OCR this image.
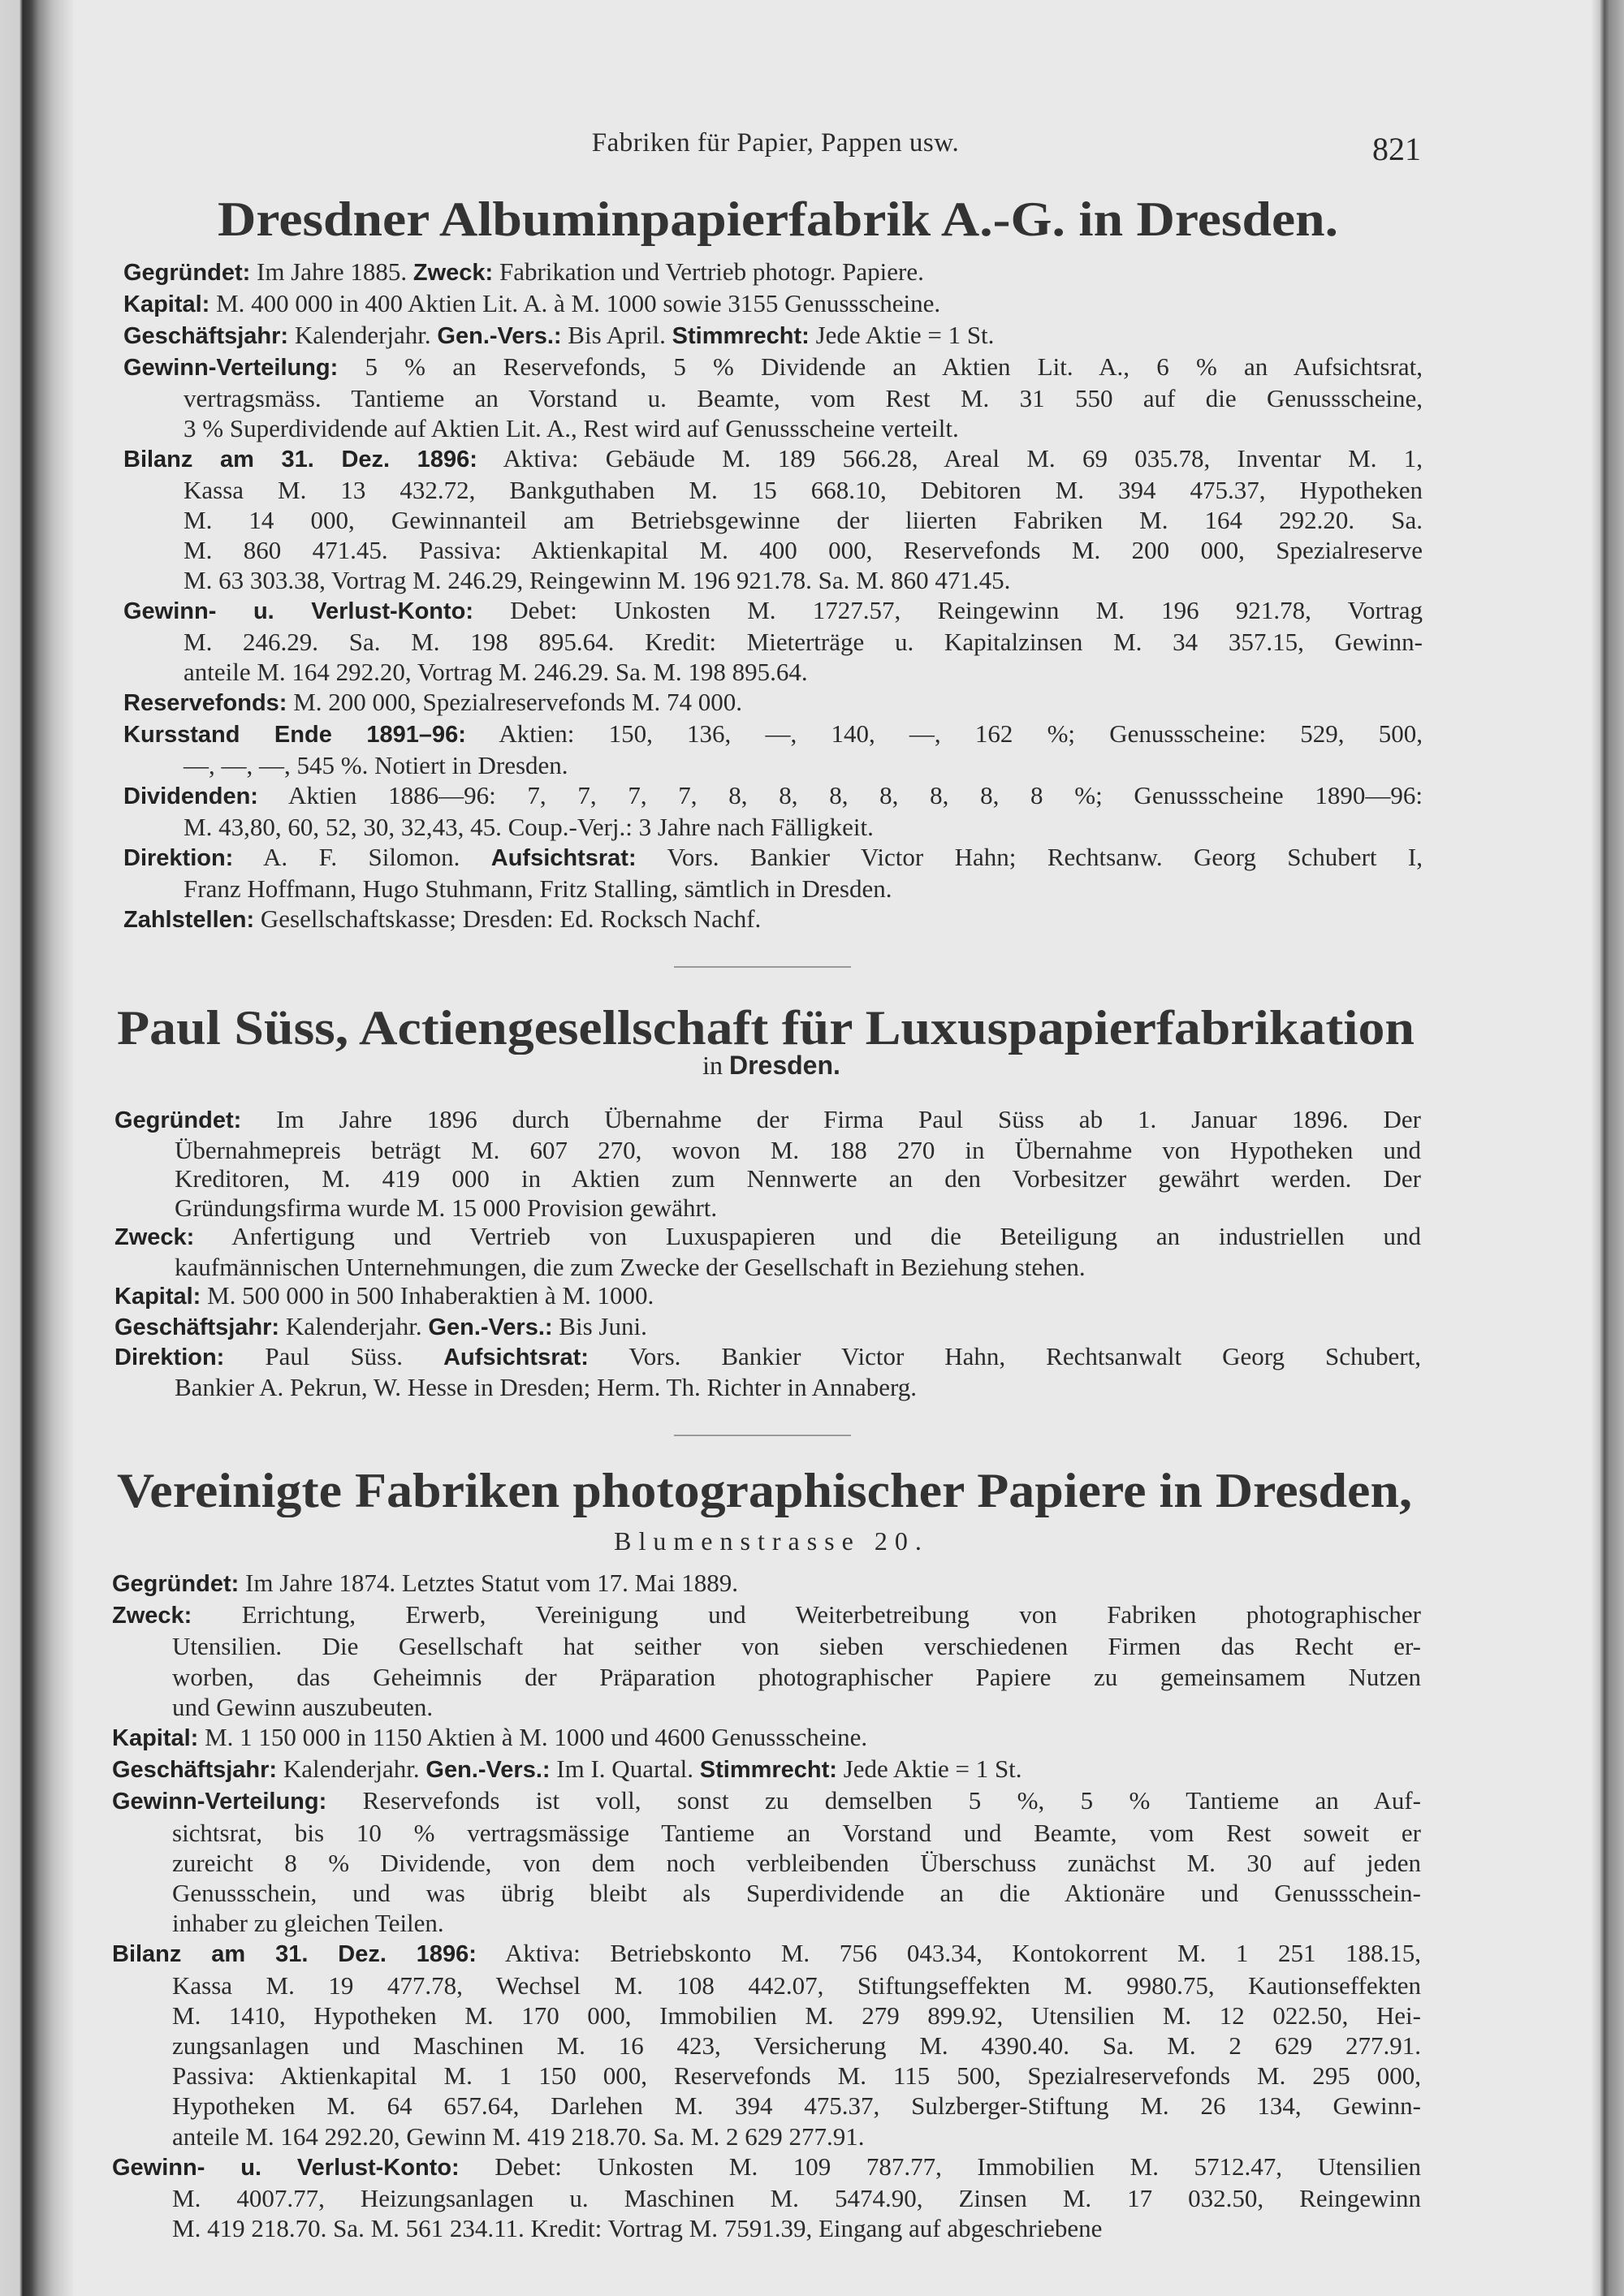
Fabriken für Papier, Pappen usw.	821
Dresdner Albuminpapierfabrik A.-G. in Dresden.
Gegründet: Im Jahre 1885. Zweck: Fabrikation und Vertrieb photogr. Papiere.
Kapital: M. 400 000 in 400 Aktien Lit. A. à M. 1000 sowie 3155 Genussscheine.
Geschäftsjahr: Kalenderjahr. Gen.-Vers.: Bis April. Stimmrecht: Jede Aktie = 1 St.
Gewinn-Verteilung: 5 % an Reservefonds, 5 % Dividende an Aktien Lit. A., 6 % an Aufsichtsrat,
vertragsmäss. Tantieme an Vorstand u. Beamte, vom Rest M. 31 550 auf die Genussscheine,
3 % Superdividende auf Aktien Lit. A., Rest wird auf Genussscheine verteilt.
Bilanz am 31. Dez. 1896: Aktiva: Gebäude M. 189 566.28, Areal M. 69 035.78, Inventar M. 1,
Kassa M. 13 432.72, Bankguthaben M. 15 668.10, Debitoren M. 394 475.37, Hypotheken
M. 14 000, Gewinnanteil am Betriebsgewinne der liierten Fabriken M. 164 292.20. Sa.
M. 860 471.45. Passiva: Aktienkapital M. 400 000, Reservefonds M. 200 000, Spezialreserve
M. 63 303.38, Vortrag M. 246.29, Reingewinn M. 196 921.78. Sa. M. 860 471.45.
Gewinn- u. Verlust-Konto: Debet: Unkosten M. 1727.57, Reingewinn M. 196 921.78, Vortrag
M. 246.29. Sa. M. 198 895.64. Kredit: Mieterträge u. Kapitalzinsen M. 34 357.15, Gewinn-
anteile M. 164 292.20, Vortrag M. 246.29. Sa. M. 198 895.64.
Reservefonds: M. 200 000, Spezialreservefonds M. 74 000.
Kursstand Ende 1891–96: Aktien: 150, 136, —, 140, —, 162 %; Genussscheine: 529, 500,
—, —, —, 545 %. Notiert in Dresden.
Dividenden: Aktien 1886—96: 7, 7, 7, 7, 8, 8, 8, 8, 8, 8, 8 %; Genussscheine 1890—96:
M. 43,80, 60, 52, 30, 32,43, 45. Coup.-Verj.: 3 Jahre nach Fälligkeit.
Direktion: A. F. Silomon. Aufsichtsrat: Vors. Bankier Victor Hahn; Rechtsanw. Georg Schubert I,
Franz Hoffmann, Hugo Stuhmann, Fritz Stalling, sämtlich in Dresden.
Zahlstellen: Gesellschaftskasse; Dresden: Ed. Rocksch Nachf.
Paul Süss, Actiengesellschaft für Luxuspapierfabrikation
in Dresden.
Gegründet: Im Jahre 1896 durch Übernahme der Firma Paul Süss ab 1. Januar 1896. Der
Übernahmepreis beträgt M. 607 270, wovon M. 188 270 in Übernahme von Hypotheken und
Kreditoren, M. 419 000 in Aktien zum Nennwerte an den Vorbesitzer gewährt werden. Der
Gründungsfirma wurde M. 15 000 Provision gewährt.
Zweck: Anfertigung und Vertrieb von Luxuspapieren und die Beteiligung an industriellen und
kaufmännischen Unternehmungen, die zum Zwecke der Gesellschaft in Beziehung stehen.
Kapital: M. 500 000 in 500 Inhaberaktien à M. 1000.
Geschäftsjahr: Kalenderjahr. Gen.-Vers.: Bis Juni.
Direktion: Paul Süss. Aufsichtsrat: Vors. Bankier Victor Hahn, Rechtsanwalt Georg Schubert,
Bankier A. Pekrun, W. Hesse in Dresden; Herm. Th. Richter in Annaberg.
Vereinigte Fabriken photographischer Papiere in Dresden,
Blumenstrasse 20.
Gegründet: Im Jahre 1874. Letztes Statut vom 17. Mai 1889.
Zweck: Errichtung, Erwerb, Vereinigung und Weiterbetreibung von Fabriken photographischer
Utensilien. Die Gesellschaft hat seither von sieben verschiedenen Firmen das Recht er-
worben, das Geheimnis der Präparation photographischer Papiere zu gemeinsamem Nutzen
und Gewinn auszubeuten.
Kapital: M. 1 150 000 in 1150 Aktien à M. 1000 und 4600 Genussscheine.
Geschäftsjahr: Kalenderjahr. Gen.-Vers.: Im I. Quartal. Stimmrecht: Jede Aktie = 1 St.
Gewinn-Verteilung: Reservefonds ist voll, sonst zu demselben 5 %, 5 % Tantieme an Auf-
sichtsrat, bis 10 % vertragsmässige Tantieme an Vorstand und Beamte, vom Rest soweit er
zureicht 8 % Dividende, von dem noch verbleibenden Überschuss zunächst M. 30 auf jeden
Genussschein, und was übrig bleibt als Superdividende an die Aktionäre und Genussschein-
inhaber zu gleichen Teilen.
Bilanz am 31. Dez. 1896: Aktiva: Betriebskonto M. 756 043.34, Kontokorrent M. 1 251 188.15,
Kassa M. 19 477.78, Wechsel M. 108 442.07, Stiftungseffekten M. 9980.75, Kautionseffekten
M. 1410, Hypotheken M. 170 000, Immobilien M. 279 899.92, Utensilien M. 12 022.50, Hei-
zungsanlagen und Maschinen M. 16 423, Versicherung M. 4390.40. Sa. M. 2 629 277.91.
Passiva: Aktienkapital M. 1 150 000, Reservefonds M. 115 500, Spezialreservefonds M. 295 000,
Hypotheken M. 64 657.64, Darlehen M. 394 475.37, Sulzberger-Stiftung M. 26 134, Gewinn-
anteile M. 164 292.20, Gewinn M. 419 218.70. Sa. M. 2 629 277.91.
Gewinn- u. Verlust-Konto: Debet: Unkosten M. 109 787.77, Immobilien M. 5712.47, Utensilien
M. 4007.77, Heizungsanlagen u. Maschinen M. 5474.90, Zinsen M. 17 032.50, Reingewinn
M. 419 218.70. Sa. M. 561 234.11. Kredit: Vortrag M. 7591.39, Eingang auf abgeschriebene
